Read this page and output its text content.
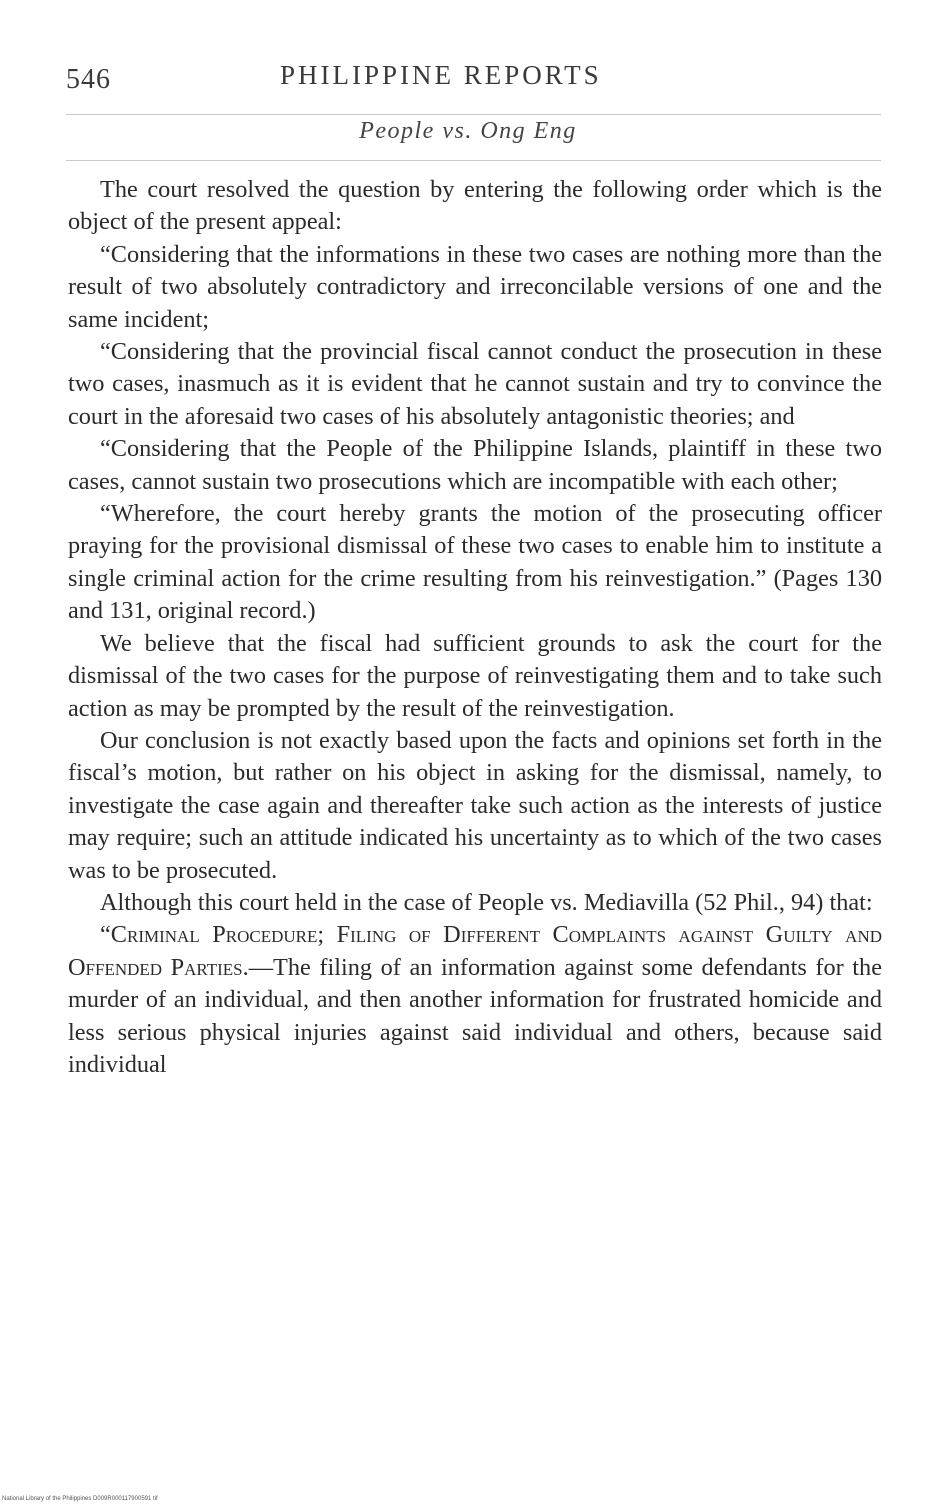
546	PHILIPPINE REPORTS
People vs. Ong Eng

The court resolved the question by entering the following order which is the object of the present appeal:

“Considering that the informations in these two cases are nothing more than the result of two absolutely contradictory and irreconcilable versions of one and the same incident;

“Considering that the provincial fiscal cannot conduct the prosecution in these two cases, inasmuch as it is evident that he cannot sustain and try to convince the court in the aforesaid two cases of his absolutely antagonistic theories; and

“Considering that the People of the Philippine Islands, plaintiff in these two cases, cannot sustain two prosecutions which are incompatible with each other;

“Wherefore, the court hereby grants the motion of the prosecuting officer praying for the provisional dismissal of these two cases to enable him to institute a single criminal action for the crime resulting from his reinvestigation.” (Pages 130 and 131, original record.)

We believe that the fiscal had sufficient grounds to ask the court for the dismissal of the two cases for the purpose of reinvestigating them and to take such action as may be prompted by the result of the reinvestigation.

Our conclusion is not exactly based upon the facts and opinions set forth in the fiscal’s motion, but rather on his object in asking for the dismissal, namely, to investigate the case again and thereafter take such action as the interests of justice may require; such an attitude indicated his uncertainty as to which of the two cases was to be prosecuted.

Although this court held in the case of People vs. Mediavilla (52 Phil., 94) that:

“Criminal Procedure; Filing of Different Complaints against Guilty and Offended Parties.—The filing of an information against some defendants for the murder of an individual, and then another information for frustrated homicide and less serious physical injuries against said individual and others, because said individual

National Library of the Philippines D009R000117900591 tif
